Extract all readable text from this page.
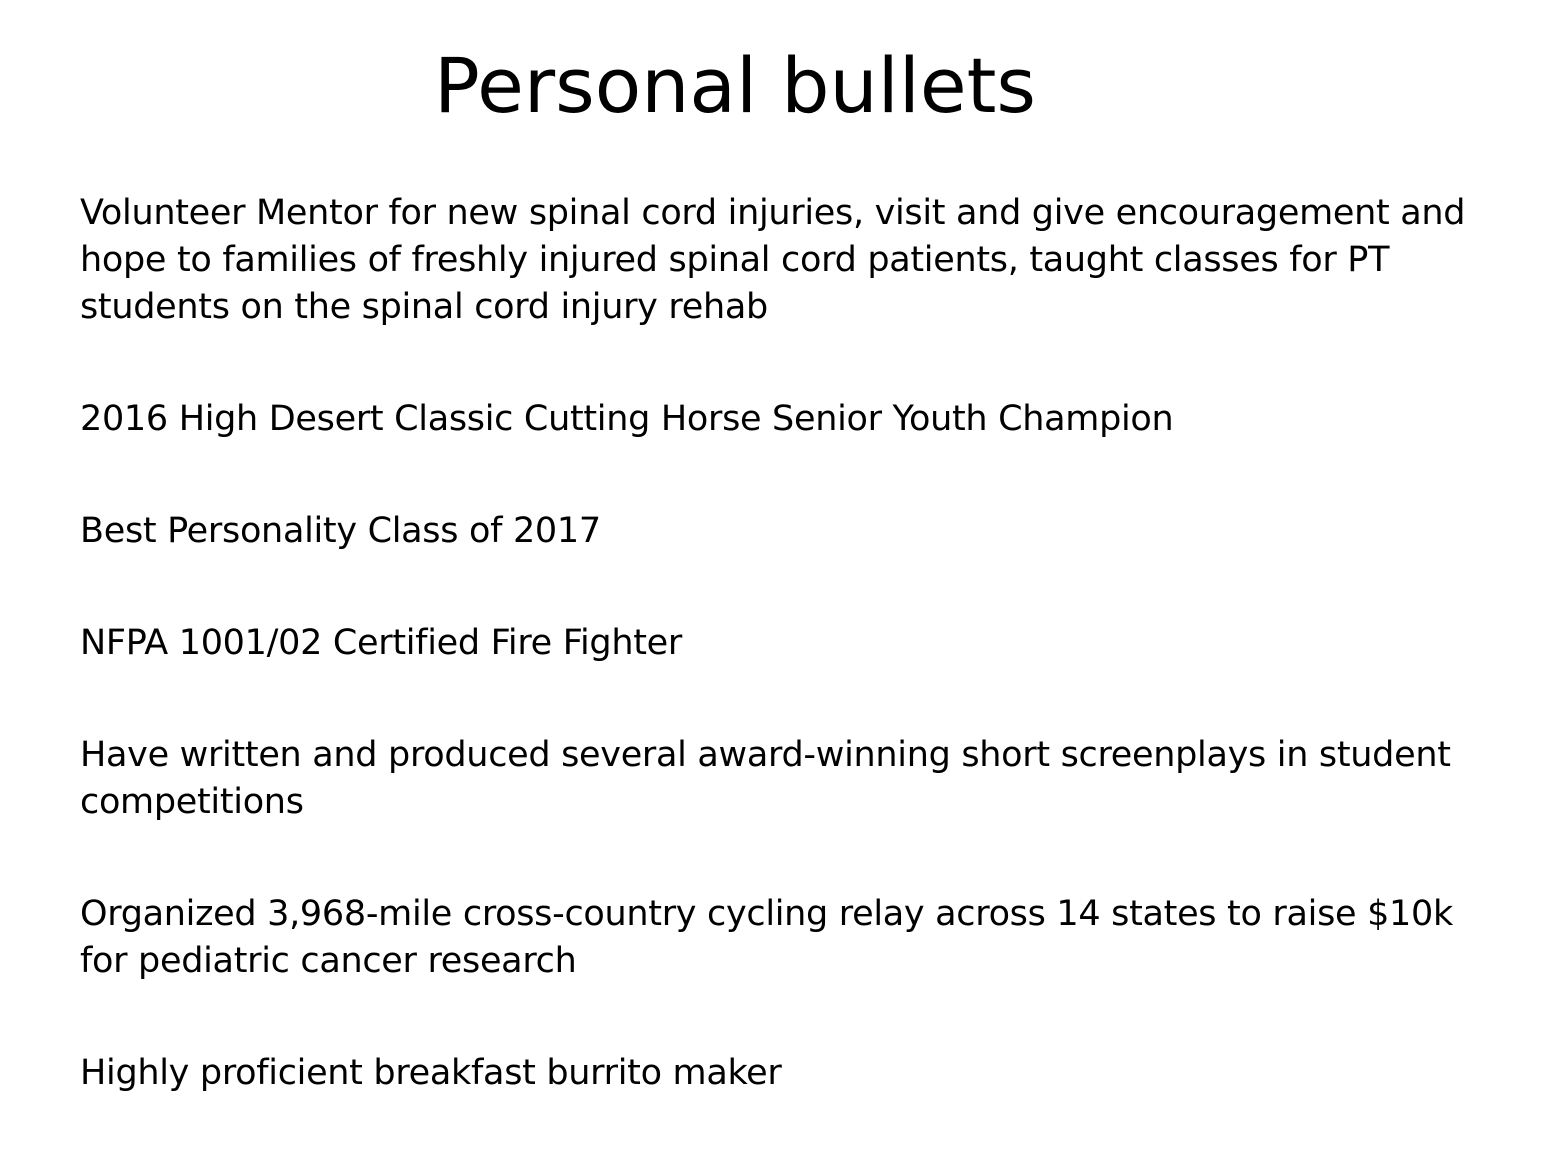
Personal bullets
Volunteer Mentor for new spinal cord injuries, visit and give encouragement and hope to families of freshly injured spinal cord patients, taught classes for PT students on the spinal cord injury rehab
2016 High Desert Classic Cutting Horse Senior Youth Champion
Best Personality Class of 2017
NFPA 1001/02 Certified Fire Fighter
Have written and produced several award-winning short screenplays in student competitions
Organized 3,968-mile cross-country cycling relay across 14 states to raise $10k for pediatric cancer research
Highly proficient breakfast burrito maker
